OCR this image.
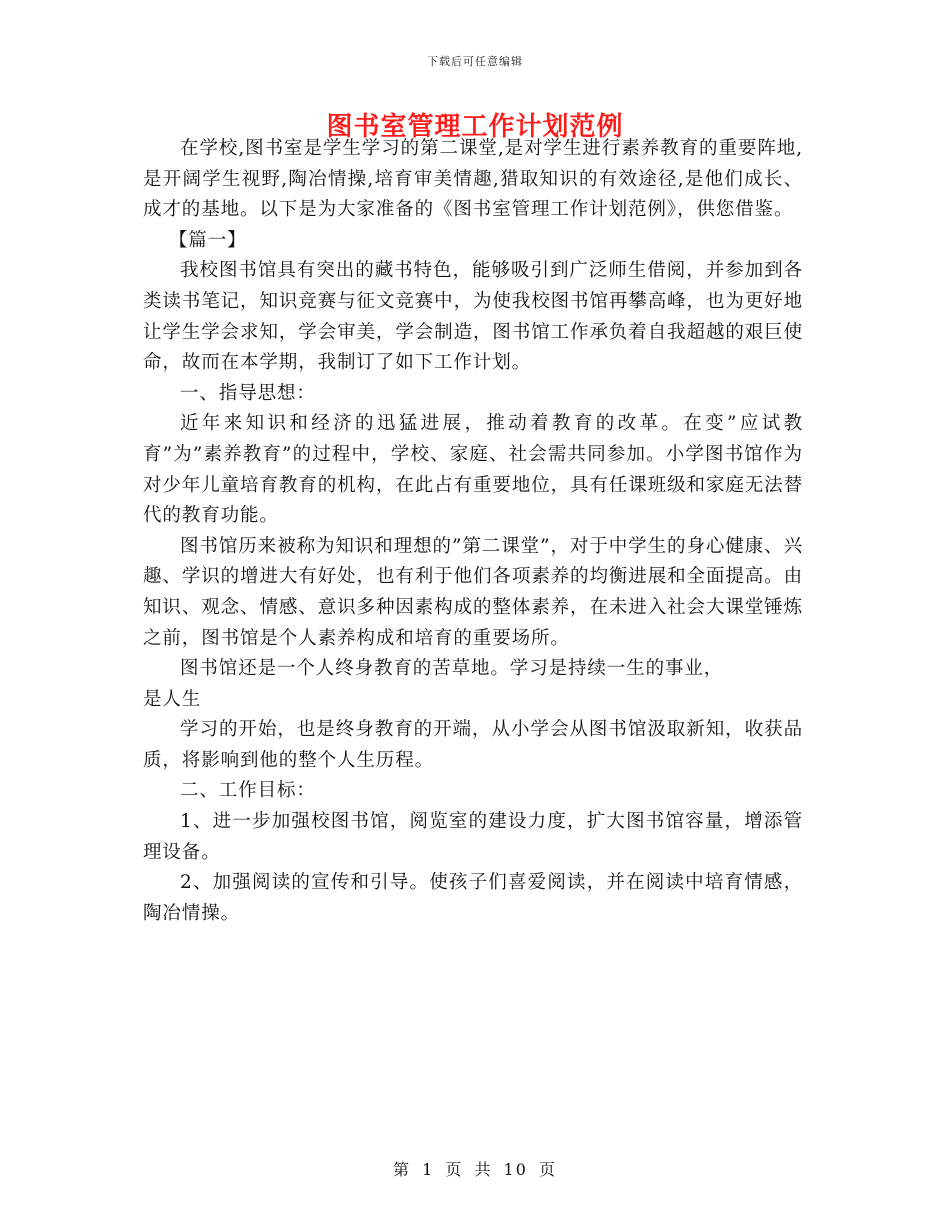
下载后可任意编辑
图书室管理工作计划范例

在学校,图书室是学生学习的第二课堂,是对学生进行素养教育的重要阵地,是开阔学生视野,陶冶情操,培育审美情趣,猎取知识的有效途径,是他们成长、成才的基地。以下是为大家准备的《图书室管理工作计划范例》，供您借鉴。

【篇一】

我校图书馆具有突出的藏书特色，能够吸引到广泛师生借阅，并参加到各类读书笔记，知识竞赛与征文竞赛中，为使我校图书馆再攀高峰，也为更好地让学生学会求知，学会审美，学会制造，图书馆工作承负着自我超越的艰巨使命，故而在本学期，我制订了如下工作计划。

一、指导思想：

近年来知识和经济的迅猛进展，推动着教育的改革。在变”应试教育”为”素养教育”的过程中，学校、家庭、社会需共同参加。小学图书馆作为对少年儿童培育教育的机构，在此占有重要地位，具有任课班级和家庭无法替代的教育功能。

图书馆历来被称为知识和理想的”第二课堂”，对于中学生的身心健康、兴趣、学识的增进大有好处，也有利于他们各项素养的均衡进展和全面提高。由知识、观念、情感、意识多种因素构成的整体素养，在未进入社会大课堂锤炼之前，图书馆是个人素养构成和培育的重要场所。

图书馆还是一个人终身教育的苦草地。学习是持续一生的事业，

是人生

学习的开始，也是终身教育的开端，从小学会从图书馆汲取新知，收获品质，将影响到他的整个人生历程。

二、工作目标：

1、进一步加强校图书馆，阅览室的建设力度，扩大图书馆容量，增添管理设备。

2、加强阅读的宣传和引导。使孩子们喜爱阅读，并在阅读中培育情感，陶冶情操。

第 1 页 共 10 页
